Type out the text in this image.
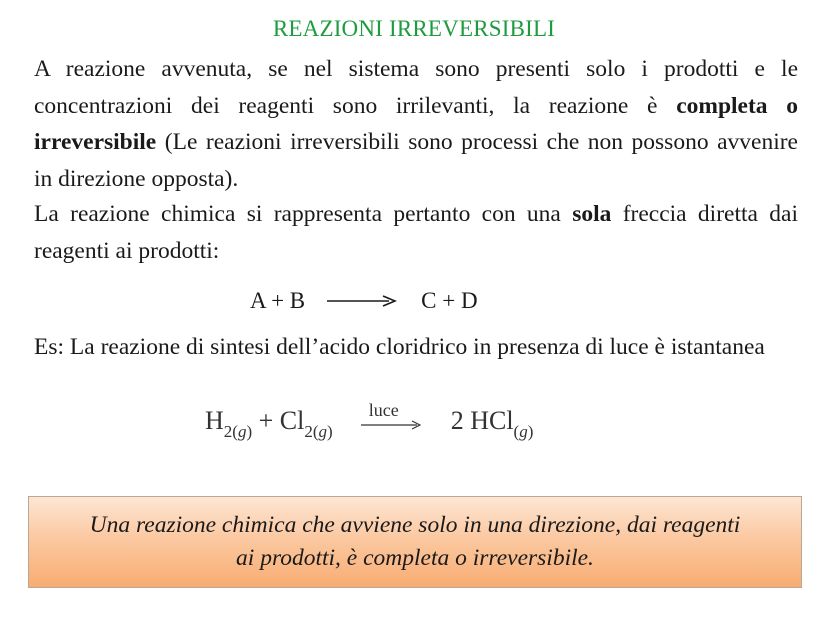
REAZIONI IRREVERSIBILI
A reazione avvenuta, se nel sistema sono presenti solo i prodotti e le concentrazioni dei reagenti sono irrilevanti, la reazione è completa o irreversibile (Le reazioni irreversibili sono processi che non possono avvenire in direzione opposta).
La reazione chimica si rappresenta pertanto con una sola freccia diretta dai reagenti ai prodotti:
A + B → C + D
Es: La reazione di sintesi dell’acido cloridrico in presenza di luce è istantanea
H 2(g) + Cl 2(g)
luce 2 HCl (g)
Una reazione chimica che avviene solo in una direzione, dai reagenti ai prodotti, è completa o irreversibile.
